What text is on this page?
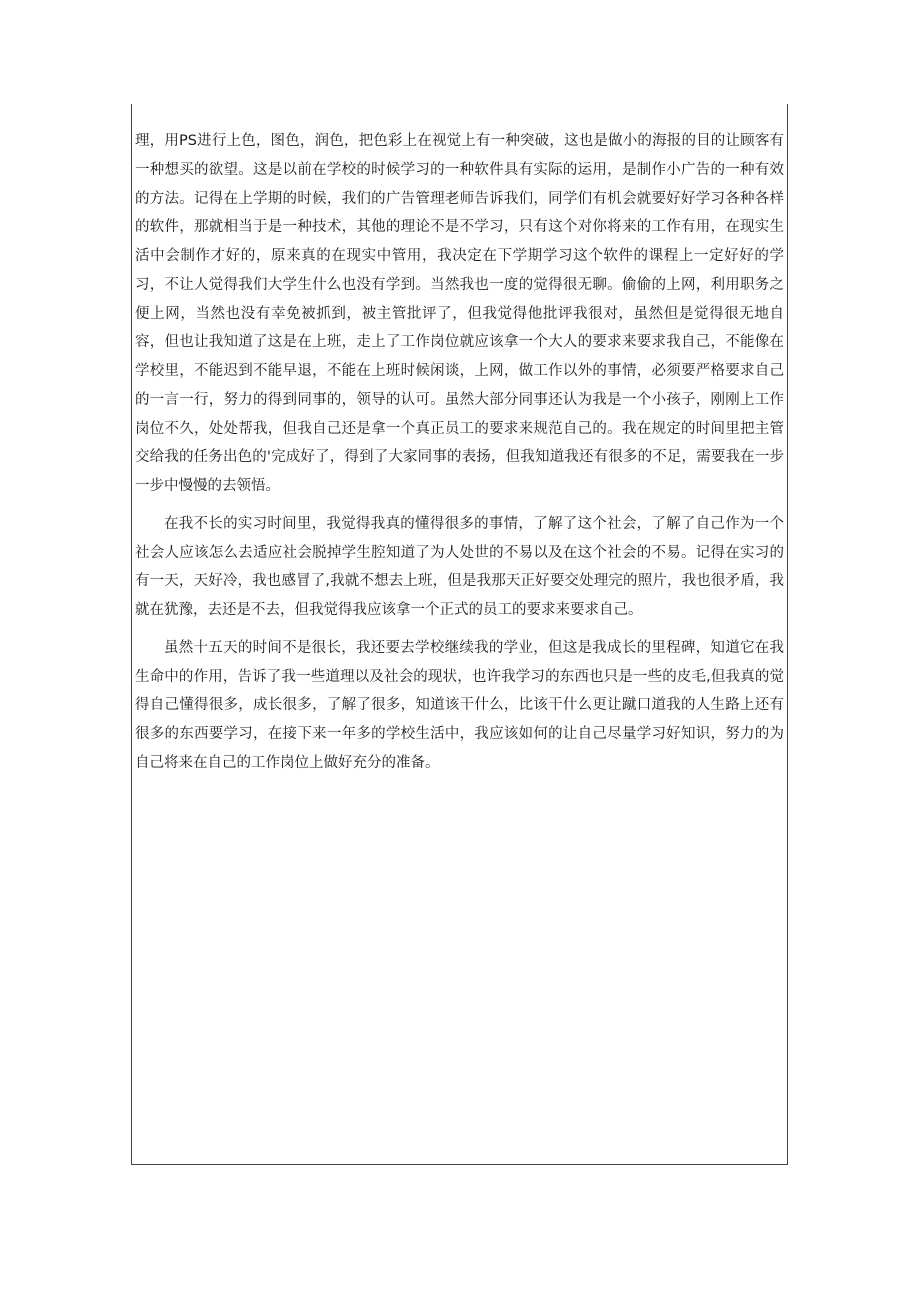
理，用PS进行上色，图色，润色，把色彩上在视觉上有一种突破，这也是做小的海报的目的让顾客有一种想买的欲望。这是以前在学校的时候学习的一种软件具有实际的运用，是制作小广告的一种有效的方法。记得在上学期的时候，我们的广告管理老师告诉我们，同学们有机会就要好好学习各种各样的软件，那就相当于是一种技术，其他的理论不是不学习，只有这个对你将来的工作有用，在现实生活中会制作才好的，原来真的在现实中管用，我决定在下学期学习这个软件的课程上一定好好的学习，不让人觉得我们大学生什么也没有学到。当然我也一度的觉得很无聊。偷偷的上网，利用职务之便上网，当然也没有幸免被抓到，被主管批评了，但我觉得他批评我很对，虽然但是觉得很无地自容，但也让我知道了这是在上班，走上了工作岗位就应该拿一个大人的要求来要求我自己，不能像在学校里，不能迟到不能早退，不能在上班时候闲谈，上网，做工作以外的事情，必须要严格要求自己的一言一行，努力的得到同事的，领导的认可。虽然大部分同事还认为我是一个小孩子，刚刚上工作岗位不久，处处帮我，但我自己还是拿一个真正员工的要求来规范自己的。我在规定的时间里把主管交给我的任务出色的'完成好了，得到了大家同事的表扬，但我知道我还有很多的不足，需要我在一步一步中慢慢的去领悟。

在我不长的实习时间里，我觉得我真的懂得很多的事情，了解了这个社会，了解了自己作为一个社会人应该怎么去适应社会脱掉学生腔知道了为人处世的不易以及在这个社会的不易。记得在实习的有一天，天好冷，我也感冒了,我就不想去上班，但是我那天正好要交处理完的照片，我也很矛盾，我就在犹豫，去还是不去，但我觉得我应该拿一个正式的员工的要求来要求自己。

虽然十五天的时间不是很长，我还要去学校继续我的学业，但这是我成长的里程碑，知道它在我生命中的作用，告诉了我一些道理以及社会的现状，也许我学习的东西也只是一些的皮毛,但我真的觉得自己懂得很多，成长很多，了解了很多，知道该干什么，比该干什么更让蹴口道我的人生路上还有很多的东西要学习，在接下来一年多的学校生活中，我应该如何的让自己尽量学习好知识，努力的为自己将来在自己的工作岗位上做好充分的准备。
